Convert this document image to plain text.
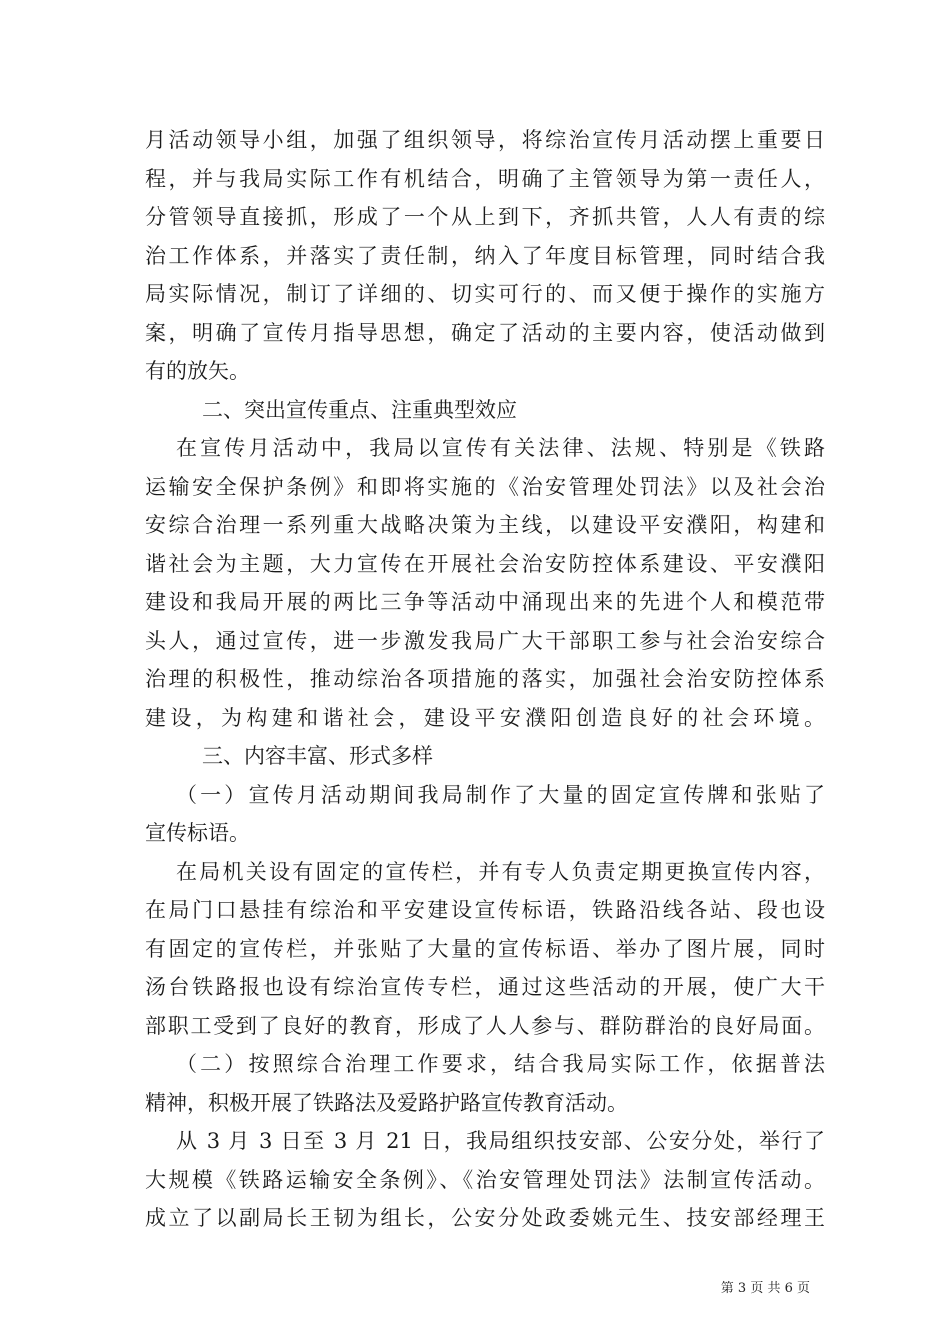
月活动领导小组，加强了组织领导，将综治宣传月活动摆上重要日
程，并与我局实际工作有机结合，明确了主管领导为第一责任人，
分管领导直接抓，形成了一个从上到下，齐抓共管，人人有责的综
治工作体系，并落实了责任制，纳入了年度目标管理，同时结合我
局实际情况，制订了详细的、切实可行的、而又便于操作的实施方
案，明确了宣传月指导思想，确定了活动的主要内容，使活动做到
有的放矢。
二、突出宣传重点、注重典型效应
在宣传月活动中，我局以宣传有关法律、法规、特别是《铁路
运输安全保护条例》和即将实施的《治安管理处罚法》以及社会治
安综合治理一系列重大战略决策为主线，以建设平安濮阳，构建和
谐社会为主题，大力宣传在开展社会治安防控体系建设、平安濮阳
建设和我局开展的两比三争等活动中涌现出来的先进个人和模范带
头人，通过宣传，进一步激发我局广大干部职工参与社会治安综合
治理的积极性，推动综治各项措施的落实，加强社会治安防控体系
建设，为构建和谐社会，建设平安濮阳创造良好的社会环境。
三、内容丰富、形式多样
（一）宣传月活动期间我局制作了大量的固定宣传牌和张贴了
宣传标语。
在局机关设有固定的宣传栏，并有专人负责定期更换宣传内容，
在局门口悬挂有综治和平安建设宣传标语，铁路沿线各站、段也设
有固定的宣传栏，并张贴了大量的宣传标语、举办了图片展，同时
汤台铁路报也设有综治宣传专栏，通过这些活动的开展，使广大干
部职工受到了良好的教育，形成了人人参与、群防群治的良好局面。
（二）按照综合治理工作要求，结合我局实际工作，依据普法
精神，积极开展了铁路法及爱路护路宣传教育活动。
从 3 月 3 日至 3 月 21 日，我局组织技安部、公安分处，举行了
大规模《铁路运输安全条例》、《治安管理处罚法》法制宣传活动。
成立了以副局长王韧为组长，公安分处政委姚元生、技安部经理王
第 3 页 共 6 页
